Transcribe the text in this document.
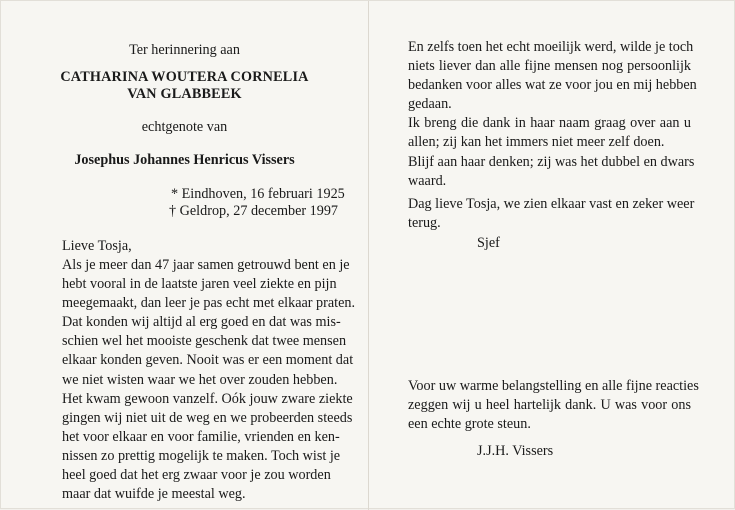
Ter herinnering aan
CATHARINA WOUTERA CORNELIA
VAN GLABBEEK
echtgenote van
Josephus Johannes Henricus Vissers
* Eindhoven, 16 februari 1925
† Geldrop, 27 december 1997
Lieve Tosja,
Als je meer dan 47 jaar samen getrouwd bent en je
hebt vooral in de laatste jaren veel ziekte en pijn
meegemaakt, dan leer je pas echt met elkaar praten.
Dat konden wij altijd al erg goed en dat was mis-
schien wel het mooiste geschenk dat twee mensen
elkaar konden geven. Nooit was er een moment dat
we niet wisten waar we het over zouden hebben.
Het kwam gewoon vanzelf. Oók jouw zware ziekte
gingen wij niet uit de weg en we probeerden steeds
het voor elkaar en voor familie, vrienden en ken-
nissen zo prettig mogelijk te maken. Toch wist je
heel goed dat het erg zwaar voor je zou worden
maar dat wuifde je meestal weg.
En zelfs toen het echt moeilijk werd, wilde je toch
niets liever dan alle fijne mensen nog persoonlijk
bedanken voor alles wat ze voor jou en mij hebben
gedaan.
Ik breng die dank in haar naam graag over aan u
allen; zij kan het immers niet meer zelf doen.
Blijf aan haar denken; zij was het dubbel en dwars
waard.
Dag lieve Tosja, we zien elkaar vast en zeker weer
terug.
Sjef
Voor uw warme belangstelling en alle fijne reacties
zeggen wij u heel hartelijk dank. U was voor ons
een echte grote steun.
J.J.H. Vissers
